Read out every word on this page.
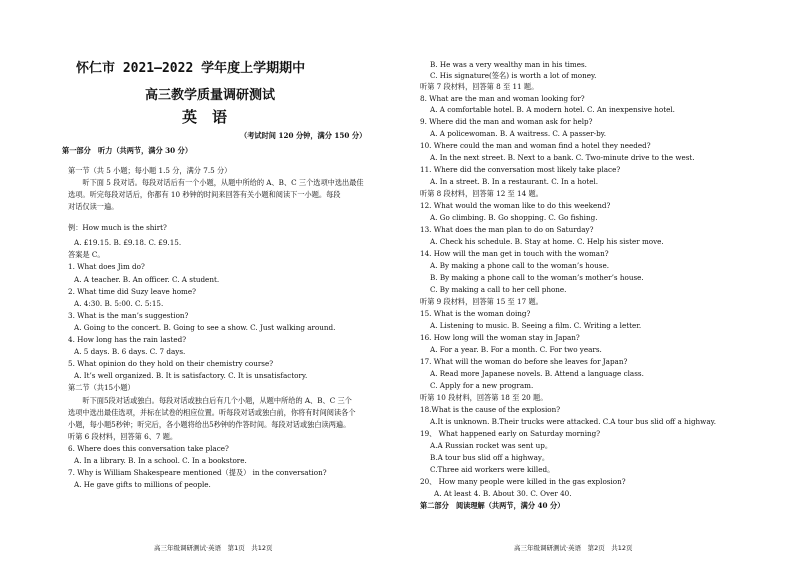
怀仁市 2021—2022 学年度上学期期中
高三教学质量调研测试
英　语
（考试时间 120 分钟，满分 150 分）
第一部分　听力（共两节，满分 30 分）
第一节（共 5 小题；每小题 1.5 分，满分 7.5 分）
　　听下面 5 段对话。每段对话后有一个小题，从题中所给的 A、B、C 三个选项中选出最佳
选项。听完每段对话后，你都有 10 秒钟的时间来回答有关小题和阅读下一小题。每段
对话仅读一遍。
例：How much is the shirt?
A. £19.15. B. £9.18. C. £9.15.
答案是 C。
1. What does Jim do?
A. A teacher. B. An officer. C. A student.
2. What time did Suzy leave home?
A. 4:30. B. 5:00. C. 5:15.
3. What is the man’s suggestion?
A. Going to the concert. B. Going to see a show. C. Just walking around.
4. How long has the rain lasted?
A. 5 days. B. 6 days. C. 7 days.
5. What opinion do they hold on their chemistry course?
A. It’s well organized. B. It is satisfactory. C. It is unsatisfactory.
第二节（共15小题）
　　听下面5段对话或独白。每段对话或独白后有几个小题，从题中所给的 A、B、C 三个
选项中选出最佳选项，并标在试卷的相应位置。听每段对话或独白前，你将有时间阅读各个
小题，每小题5秒钟；听完后，各小题将给出5秒钟的作答时间。每段对话或独白读两遍。
听第 6 段材料，回答第 6、7 题。
6. Where does this conversation take place?
A. In a library. B. In a school. C. In a bookstore.
7. Why is William Shakespeare mentioned（提及） in the conversation?
A. He gave gifts to millions of people.
高三年级调研测试·英语　第1页　共12页
B. He was a very wealthy man in his times.
C. His signature(签名) is worth a lot of money.
听第 7 段材料，回答第 8 至 11 题。
8. What are the man and woman looking for?
A. A comfortable hotel. B. A modern hotel. C. An inexpensive hotel.
9. Where did the man and woman ask for help?
A. A policewoman. B. A waitress. C. A passer-by.
10. Where could the man and woman find a hotel they needed?
A. In the next street. B. Next to a bank. C. Two-minute drive to the west.
11. Where did the conversation most likely take place?
A. In a street. B. In a restaurant. C. In a hotel.
听第 8 段材料，回答第 12 至 14 题。
12. What would the woman like to do this weekend?
A. Go climbing. B. Go shopping. C. Go fishing.
13. What does the man plan to do on Saturday?
A. Check his schedule. B. Stay at home. C. Help his sister move.
14. How will the man get in touch with the woman?
A. By making a phone call to the woman’s house.
B. By making a phone call to the woman’s mother’s house.
C. By making a call to her cell phone.
听第 9 段材料，回答第 15 至 17 题。
15. What is the woman doing?
A. Listening to music. B. Seeing a film. C. Writing a letter.
16. How long will the woman stay in Japan?
A. For a year. B. For a month. C. For two years.
17. What will the woman do before she leaves for Japan?
A. Read more Japanese novels. B. Attend a language class.
C. Apply for a new program.
听第 10 段材料，回答第 18 至 20 题。
18.What is the cause of the explosion?
A.It is unknown. B.Their trucks were attacked. C.A tour bus slid off a highway.
19、 What happened early on Saturday morning?
A.A Russian rocket was sent up。
B.A tour bus slid off a highway。
C.Three aid workers were killed。
20、 How many people were killed in the gas explosion?
A. At least 4. B. About 30. C. Over 40.
第二部分　阅读理解（共两节，满分 40 分）
高三年级调研测试·英语　第2页　共12页
